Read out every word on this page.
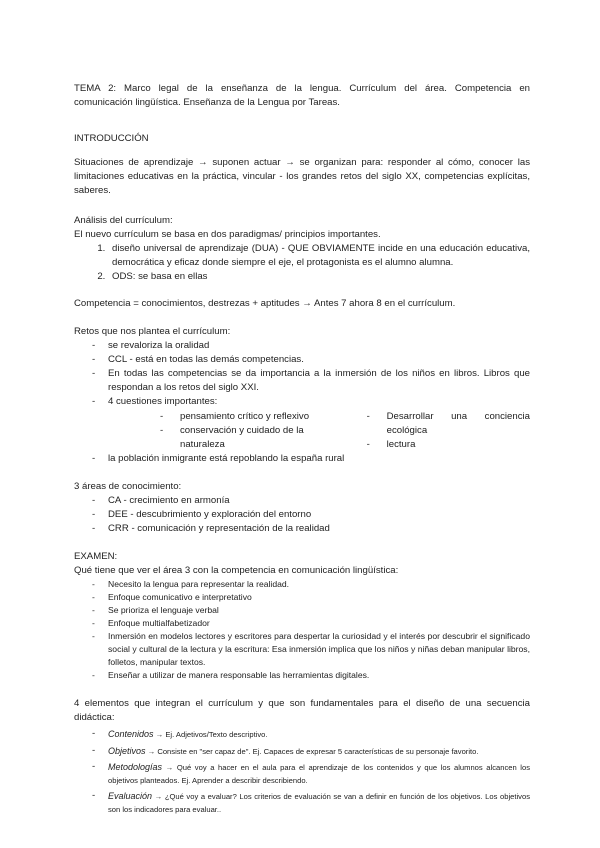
TEMA 2: Marco legal de la enseñanza de la lengua. Currículum del área. Competencia en

comunicación lingüística. Enseñanza de la Lengua por Tareas.

INTRODUCCIÓN

Situaciones de aprendizaje → suponen actuar → se organizan para: responder al cómo, conocer las limitaciones educativas en la práctica, vincular - los grandes retos del siglo XX, competencias explícitas, saberes.

Análisis del currículum:

El nuevo currículum se basa en dos paradigmas/ principios importantes.

1. diseño universal de aprendizaje (DUA) - QUE OBVIAMENTE incide en una educación educativa, democrática y eficaz donde siempre el eje, el protagonista es el alumno alumna.
2. ODS: se basa en ellas

Competencia = conocimientos, destrezas + aptitudes → Antes 7 ahora 8 en el currículum.

Retos que nos plantea el currículum:

- se revaloriza la oralidad
- CCL - está en todas las demás competencias.
- En todas las competencias se da importancia a la inmersión de los niños en libros. Libros que respondan a los retos del siglo XXI.
- 4 cuestiones importantes:
- pensamiento crítico y reflexivo
- conservación y cuidado de la naturaleza
- Desarrollar una conciencia ecológica
- lectura
- la población inmigrante está repoblando la españa rural

3 áreas de conocimiento:

- CA - crecimiento en armonía
- DEE - descubrimiento y exploración del entorno
- CRR - comunicación y representación de la realidad

EXAMEN:

Qué tiene que ver el área 3 con la competencia en comunicación lingüística:

- Necesito la lengua para representar la realidad.
- Enfoque comunicativo e interpretativo
- Se prioriza el lenguaje verbal
- Enfoque multialfabetizador
- Inmersión en modelos lectores y escritores para despertar la curiosidad y el interés por descubrir el significado social y cultural de la lectura y la escritura: Esa inmersión implica que los niños y niñas deban manipular libros, folletos, manipular textos.
- Enseñar a utilizar de manera responsable las herramientas digitales.

4 elementos que integran el currículum y que son fundamentales para el diseño de una secuencia didáctica:

- Contenidos → Ej. Adjetivos/Texto descriptivo.
- Objetivos → Consiste en "ser capaz de". Ej. Capaces de expresar 5 características de su personaje favorito.
- Metodologías → Qué voy a hacer en el aula para el aprendizaje de los contenidos y que los alumnos alcancen los objetivos planteados. Ej. Aprender a describir describiendo.
- Evaluación → ¿Qué voy a evaluar? Los criterios de evaluación se van a definir en función de los objetivos. Los objetivos son los indicadores para evaluar..
